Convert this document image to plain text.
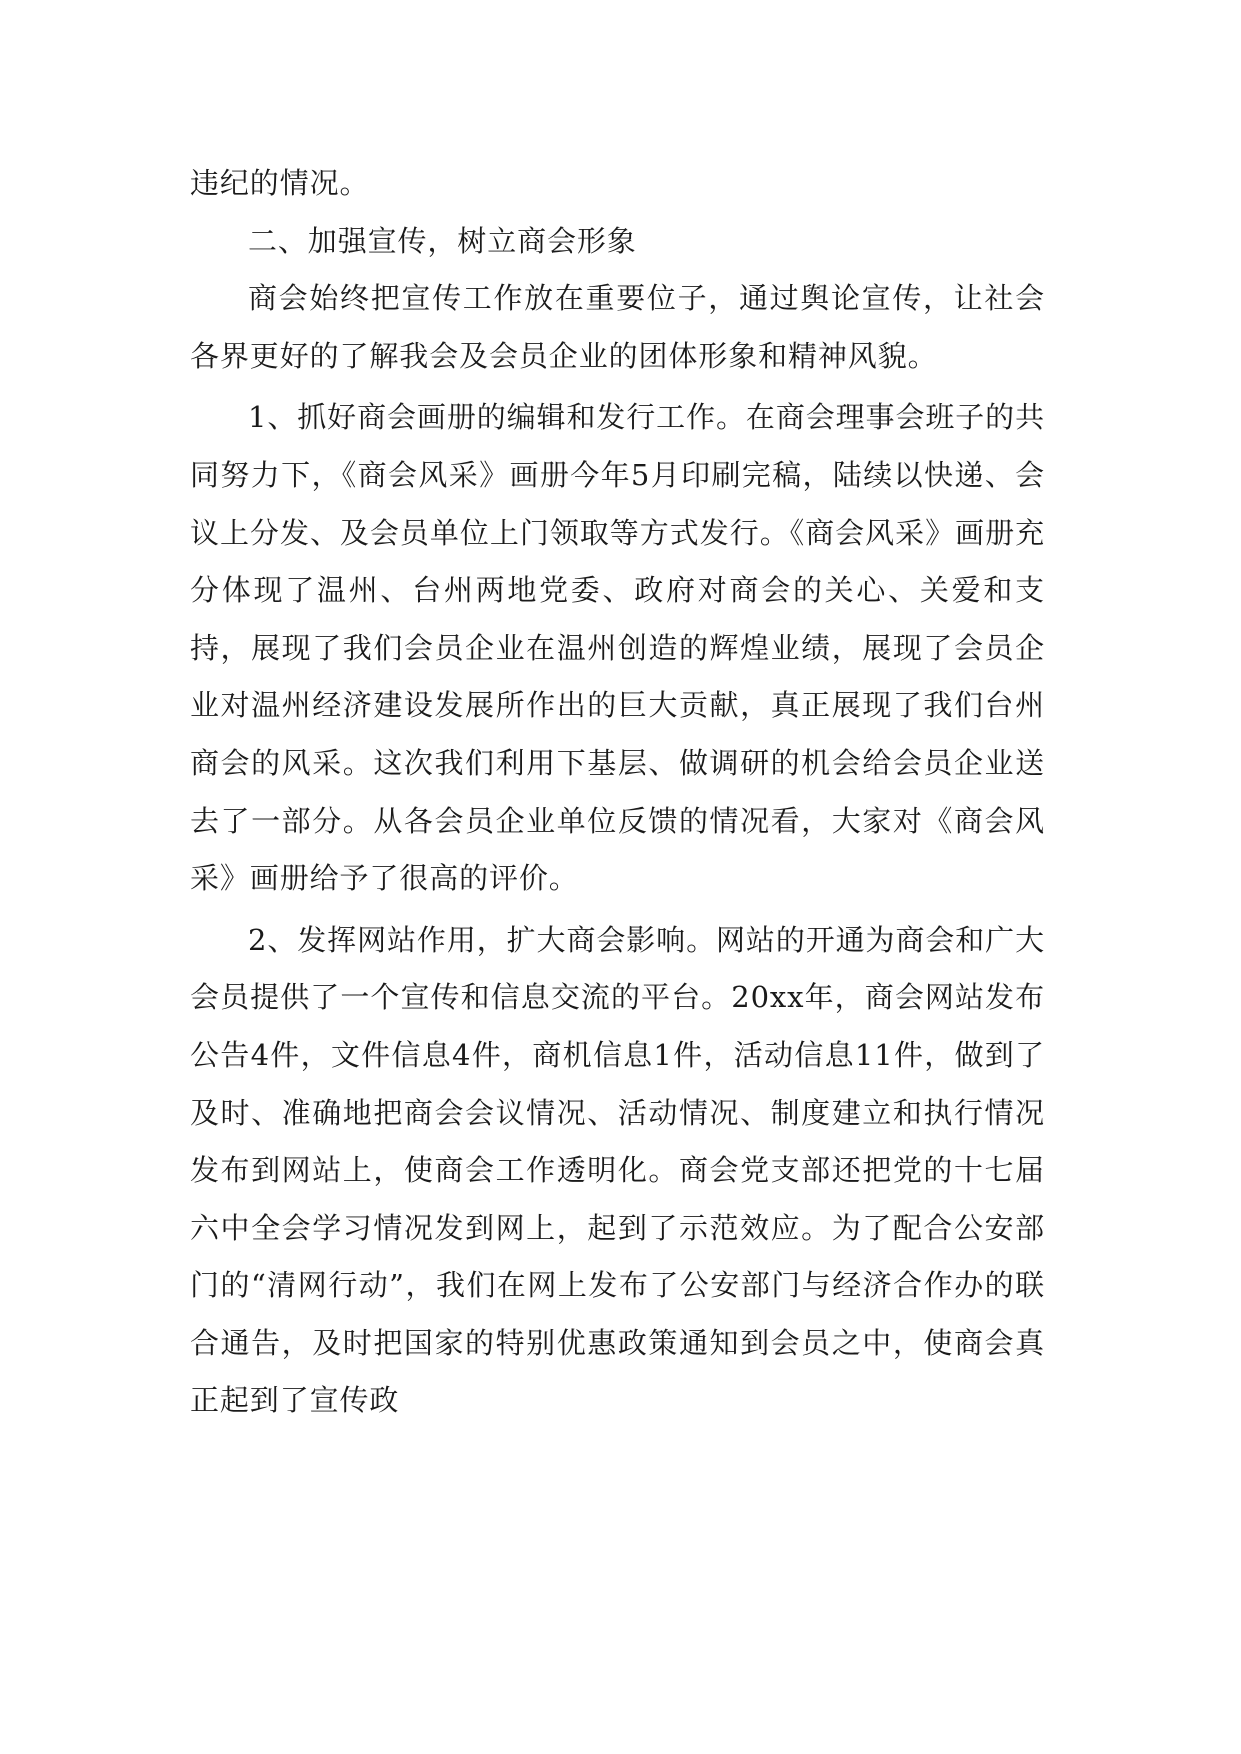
违纪的情况。

二、加强宣传，树立商会形象

商会始终把宣传工作放在重要位子，通过舆论宣传，让社会各界更好的了解我会及会员企业的团体形象和精神风貌。

1、抓好商会画册的编辑和发行工作。在商会理事会班子的共同努力下，《商会风采》画册今年5月印刷完稿，陆续以快递、会议上分发、及会员单位上门领取等方式发行。《商会风采》画册充分体现了温州、台州两地党委、政府对商会的关心、关爱和支持，展现了我们会员企业在温州创造的辉煌业绩，展现了会员企业对温州经济建设发展所作出的巨大贡献，真正展现了我们台州商会的风采。这次我们利用下基层、做调研的机会给会员企业送去了一部分。从各会员企业单位反馈的情况看，大家对《商会风采》画册给予了很高的评价。

2、发挥网站作用，扩大商会影响。网站的开通为商会和广大会员提供了一个宣传和信息交流的平台。20xx年，商会网站发布公告4件，文件信息4件，商机信息1件，活动信息11件，做到了及时、准确地把商会会议情况、活动情况、制度建立和执行情况发布到网站上，使商会工作透明化。商会党支部还把党的十七届六中全会学习情况发到网上，起到了示范效应。为了配合公安部门的“清网行动”，我们在网上发布了公安部门与经济合作办的联合通告，及时把国家的特别优惠政策通知到会员之中，使商会真正起到了宣传政
